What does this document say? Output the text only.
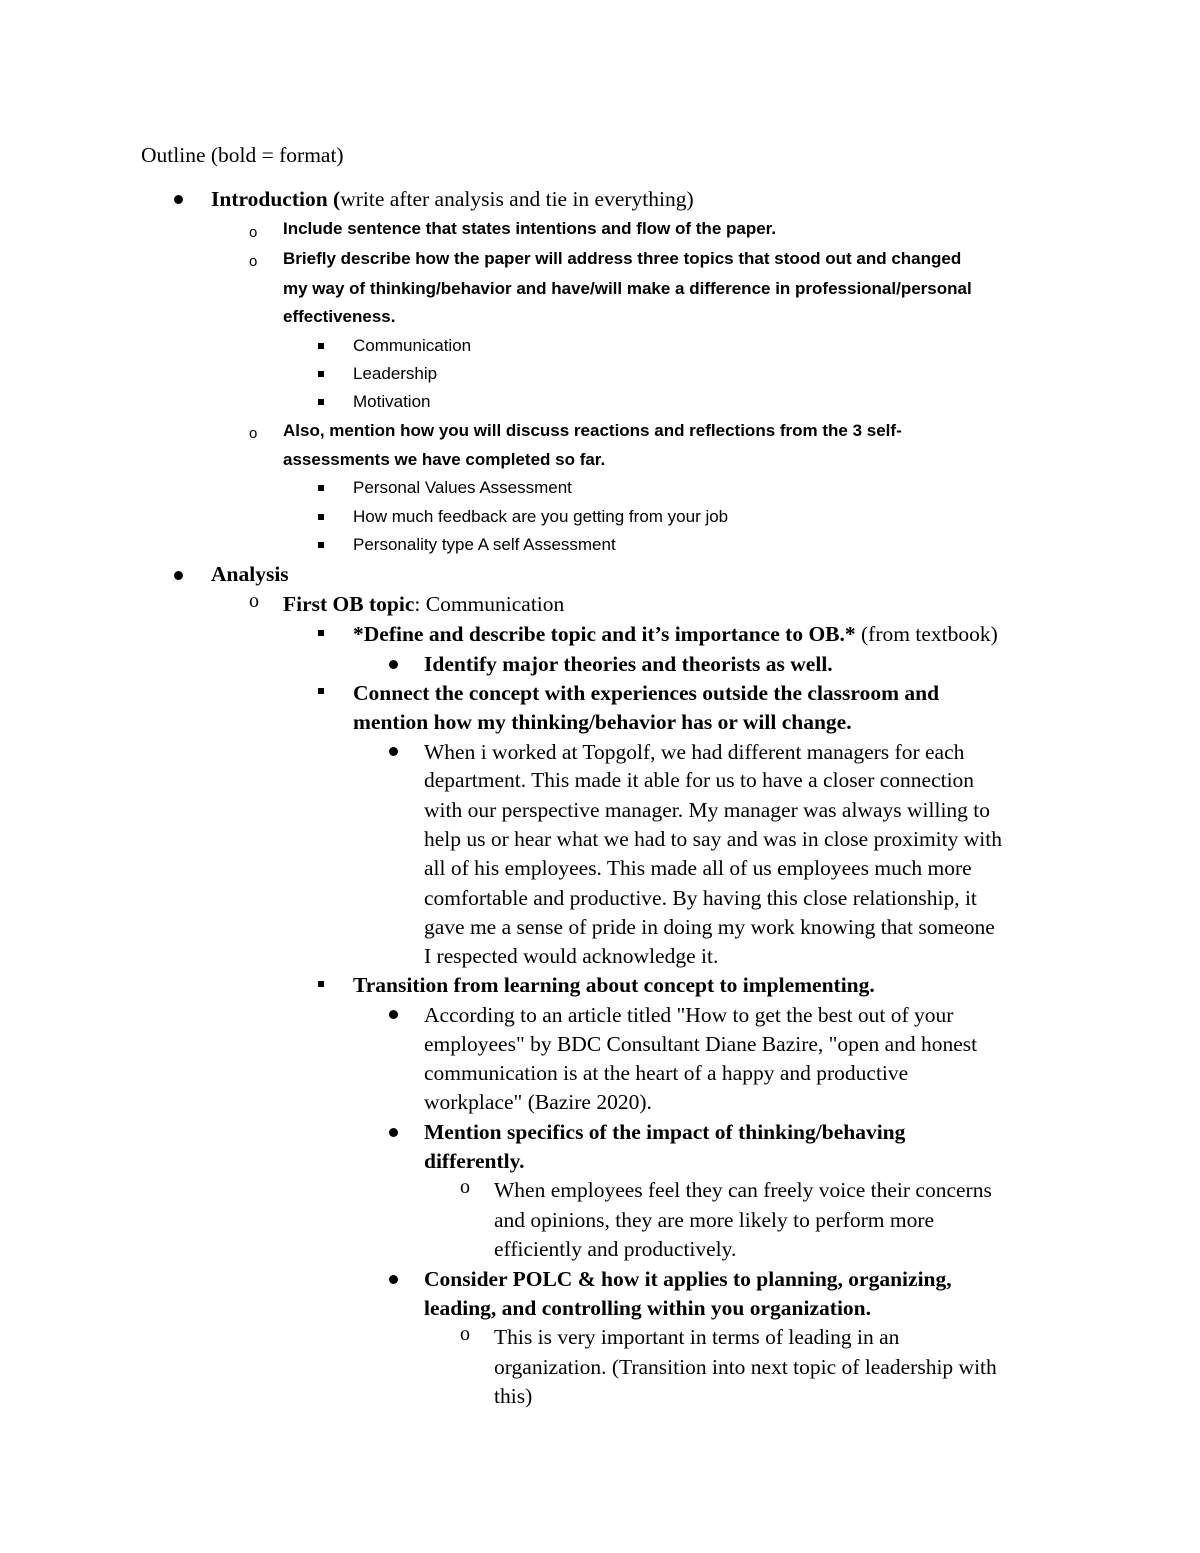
Outline (bold = format)
Introduction (write after analysis and tie in everything)
o Include sentence that states intentions and flow of the paper.
o Briefly describe how the paper will address three topics that stood out and changed
my way of thinking/behavior and have/will make a difference in professional/personal
effectiveness.
Communication
Leadership
Motivation
o Also, mention how you will discuss reactions and reflections from the 3 self-
assessments we have completed so far.
Personal Values Assessment
How much feedback are you getting from your job
Personality type A self Assessment
Analysis
o First OB topic: Communication
*Define and describe topic and it’s importance to OB.* (from textbook)
Identify major theories and theorists as well.
Connect the concept with experiences outside the classroom and
mention how my thinking/behavior has or will change.
When i worked at Topgolf, we had different managers for each
department. This made it able for us to have a closer connection
with our perspective manager. My manager was always willing to
help us or hear what we had to say and was in close proximity with
all of his employees. This made all of us employees much more
comfortable and productive. By having this close relationship, it
gave me a sense of pride in doing my work knowing that someone
I respected would acknowledge it.
Transition from learning about concept to implementing.
According to an article titled "How to get the best out of your
employees" by BDC Consultant Diane Bazire, "open and honest
communication is at the heart of a happy and productive
workplace" (Bazire 2020).
Mention specifics of the impact of thinking/behaving
differently.
o When employees feel they can freely voice their concerns
and opinions, they are more likely to perform more
efficiently and productively.
Consider POLC & how it applies to planning, organizing,
leading, and controlling within you organization.
o This is very important in terms of leading in an
organization. (Transition into next topic of leadership with
this)
